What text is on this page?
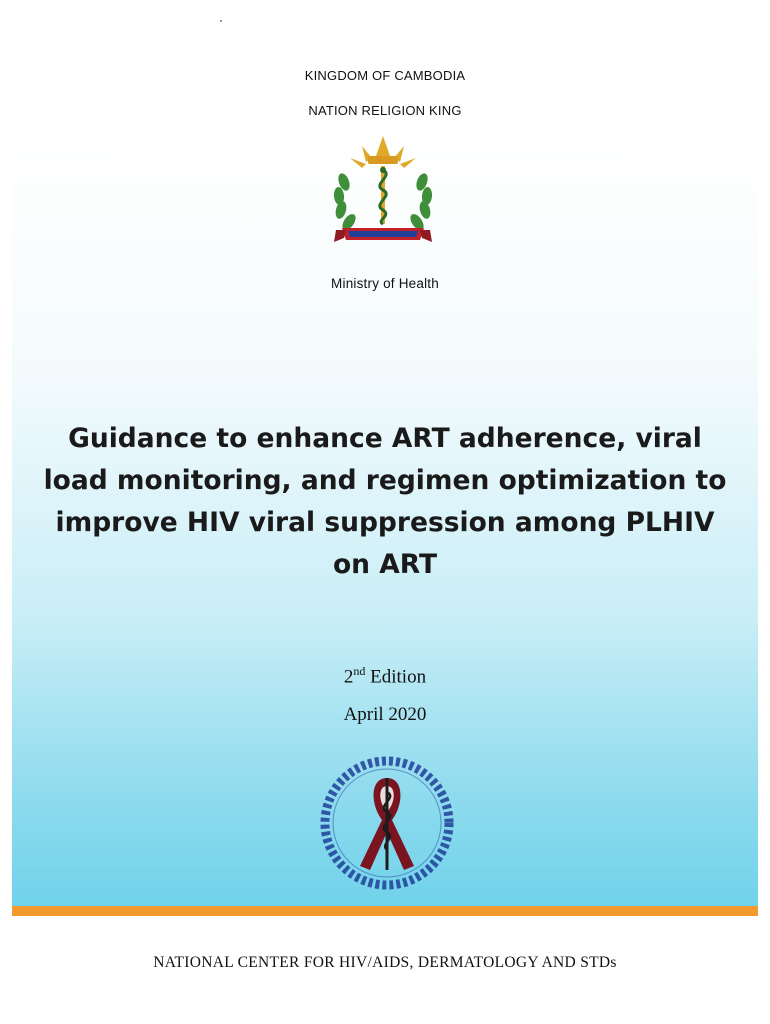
KINGDOM OF CAMBODIA
NATION RELIGION KING
Ministry of Health
Guidance to enhance ART adherence, viral load monitoring, and regimen optimization to improve HIV viral suppression among PLHIV on ART
2nd Edition
April 2020
NATIONAL CENTER FOR HIV/AIDS, DERMATOLOGY AND STDs
